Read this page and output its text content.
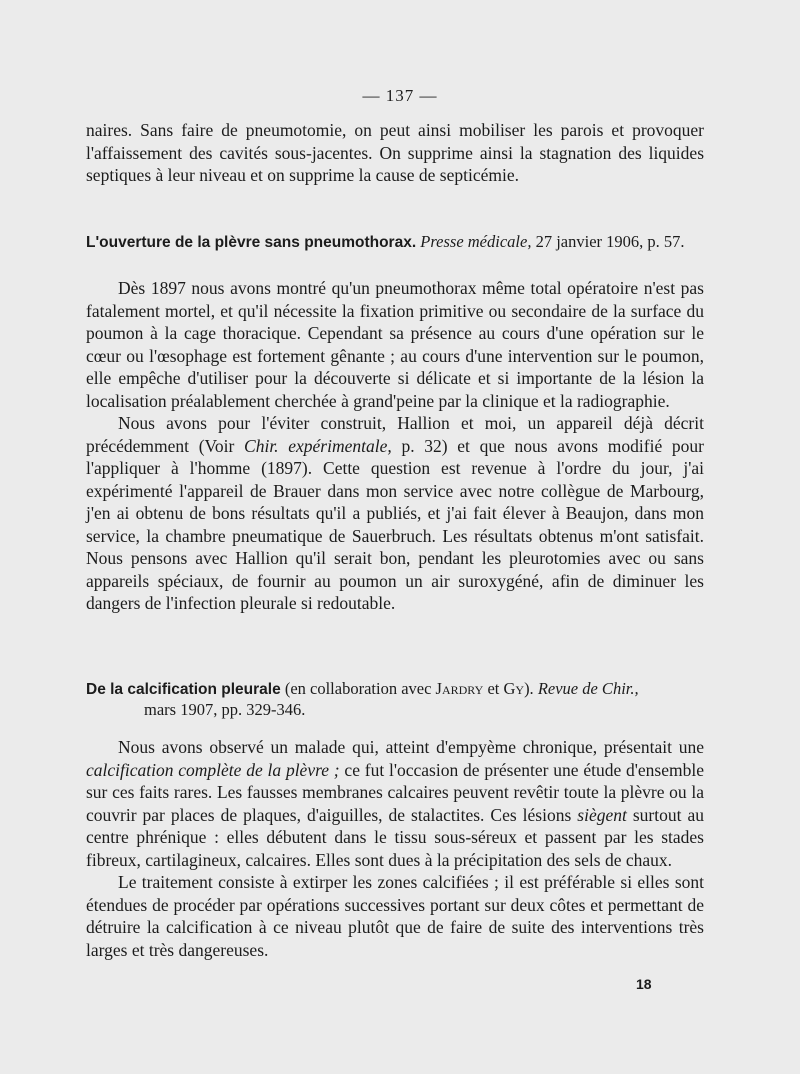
— 137 —

naires. Sans faire de pneumotomie, on peut ainsi mobiliser les parois et provoquer l'affaissement des cavités sous-jacentes. On supprime ainsi la stagnation des liquides septiques à leur niveau et on supprime la cause de septicémie.

L'ouverture de la plèvre sans pneumothorax. Presse médicale, 27 janvier 1906, p. 57.

Dès 1897 nous avons montré qu'un pneumothorax même total opératoire n'est pas fatalement mortel, et qu'il nécessite la fixation primitive ou secondaire de la surface du poumon à la cage thoracique. Cependant sa présence au cours d'une opération sur le cœur ou l'œsophage est fortement gênante ; au cours d'une intervention sur le poumon, elle empêche d'utiliser pour la découverte si délicate et si importante de la lésion la localisation préalablement cherchée à grand'peine par la clinique et la radiographie.

Nous avons pour l'éviter construit, Hallion et moi, un appareil déjà décrit précédemment (Voir Chir. expérimentale, p. 32) et que nous avons modifié pour l'appliquer à l'homme (1897). Cette question est revenue à l'ordre du jour, j'ai expérimenté l'appareil de Brauer dans mon service avec notre collègue de Marbourg, j'en ai obtenu de bons résultats qu'il a publiés, et j'ai fait élever à Beaujon, dans mon service, la chambre pneumatique de Sauerbruch. Les résultats obtenus m'ont satisfait. Nous pensons avec Hallion qu'il serait bon, pendant les pleurotomies avec ou sans appareils spéciaux, de fournir au poumon un air suroxygéné, afin de diminuer les dangers de l'infection pleurale si redoutable.

De la calcification pleurale (en collaboration avec Jardry et Gy). Revue de Chir.,
mars 1907, pp. 329-346.

Nous avons observé un malade qui, atteint d'empyème chronique, présentait une calcification complète de la plèvre ; ce fut l'occasion de présenter une étude d'ensemble sur ces faits rares. Les fausses membranes calcaires peuvent revêtir toute la plèvre ou la couvrir par places de plaques, d'aiguilles, de stalactites. Ces lésions siègent surtout au centre phrénique : elles débutent dans le tissu sous-séreux et passent par les stades fibreux, cartilagineux, calcaires. Elles sont dues à la précipitation des sels de chaux.

Le traitement consiste à extirper les zones calcifiées ; il est préférable si elles sont étendues de procéder par opérations successives portant sur deux côtes et permettant de détruire la calcification à ce niveau plutôt que de faire de suite des interventions très larges et très dangereuses.

18
